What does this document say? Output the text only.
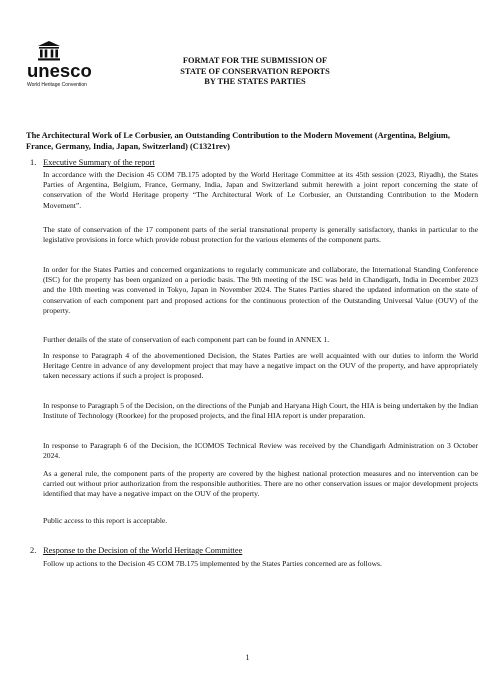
unesco
World Heritage Convention
FORMAT FOR THE SUBMISSION OF
STATE OF CONSERVATION REPORTS
BY THE STATES PARTIES
The Architectural Work of Le Corbusier, an Outstanding Contribution to the Modern Movement (Argentina, Belgium, France, Germany, India, Japan, Switzerland) (C1321rev)
1. Executive Summary of the report

In accordance with the Decision 45 COM 7B.175 adopted by the World Heritage Committee at its 45th session (2023, Riyadh), the States Parties of Argentina, Belgium, France, Germany, India, Japan and Switzerland submit herewith a joint report concerning the state of conservation of the World Heritage property “The Architectural Work of Le Corbusier, an Outstanding Contribution to the Modern Movement”.

The state of conservation of the 17 component parts of the serial transnational property is generally satisfactory, thanks in particular to the legislative provisions in force which provide robust protection for the various elements of the component parts.

In order for the States Parties and concerned organizations to regularly communicate and collaborate, the International Standing Conference (ISC) for the property has been organized on a periodic basis. The 9th meeting of the ISC was held in Chandigarh, India in December 2023 and the 10th meeting was convened in Tokyo, Japan in November 2024. The States Parties shared the updated information on the state of conservation of each component part and proposed actions for the continuous protection of the Outstanding Universal Value (OUV) of the property.

Further details of the state of conservation of each component part can be found in ANNEX 1.

In response to Paragraph 4 of the abovementioned Decision, the States Parties are well acquainted with our duties to inform the World Heritage Centre in advance of any development project that may have a negative impact on the OUV of the property, and have appropriately taken necessary actions if such a project is proposed.

In response to Paragraph 5 of the Decision, on the directions of the Punjab and Haryana High Court, the HIA is being undertaken by the Indian Institute of Technology (Roorkee) for the proposed projects, and the final HIA report is under preparation.

In response to Paragraph 6 of the Decision, the ICOMOS Technical Review was received by the Chandigarh Administration on 3 October 2024.

As a general rule, the component parts of the property are covered by the highest national protection measures and no intervention can be carried out without prior authorization from the responsible authorities. There are no other conservation issues or major development projects identified that may have a negative impact on the OUV of the property.

Public access to this report is acceptable.

2. Response to the Decision of the World Heritage Committee

Follow up actions to the Decision 45 COM 7B.175 implemented by the States Parties concerned are as follows.

1
